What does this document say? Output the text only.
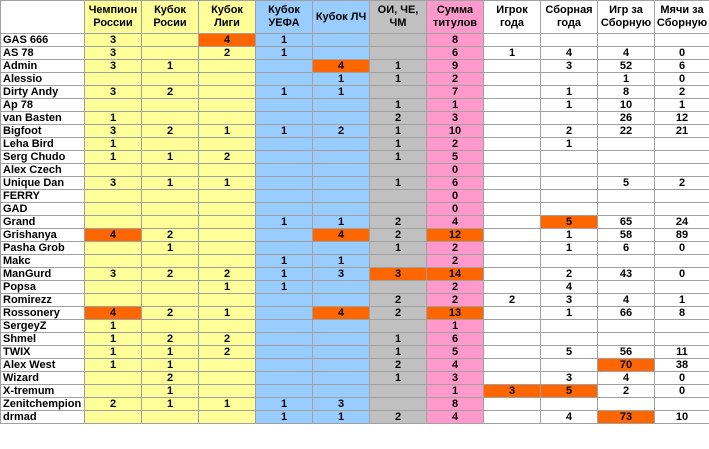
	Чемпион России	Кубок Росии	Кубок Лиги	Кубок УЕФА	Кубок ЛЧ	ОИ, ЧЕ, ЧМ	Сумма титулов	Игрок года	Сборная года	Игр за Сборную	Мячи за Сборную
GAS 666	3		4	1			8				
AS 78	3		2	1			6	1	4	4	0
Admin	3	1			4	1	9		3	52	6
Alessio					1	1	2			1	0
Dirty Andy	3	2		1	1		7		1	8	2
Ap 78						1	1		1	10	1
van Basten	1					2	3			26	12
Bigfoot	3	2	1	1	2	1	10		2	22	21
Leha Bird	1					1	2		1		
Serg Chudo	1	1	2			1	5				
Alex Czech							0				
Unique Dan	3	1	1			1	6			5	2
FERRY							0				
GAD							0				
Grand				1	1	2	4		5	65	24
Grishanya	4	2			4	2	12		1	58	89
Pasha Grob		1				1	2		1	6	0
Makc				1	1		2				
ManGurd	3	2	2	1	3	3	14		2	43	0
Popsa			1	1			2		4		
Romirezz						2	2	2	3	4	1
Rossonery	4	2	1		4	2	13		1	66	8
SergeyZ	1						1				
Shmel	1	2	2			1	6				
TWIX	1	1	2			1	5		5	56	11
Alex West	1	1				2	4			70	38
Wizard		2				1	3		3	4	0
X-tremum		1					1	3	5	2	0
Zenitchempion	2	1	1	1	3		8				
drmad				1	1	2	4		4	73	10
